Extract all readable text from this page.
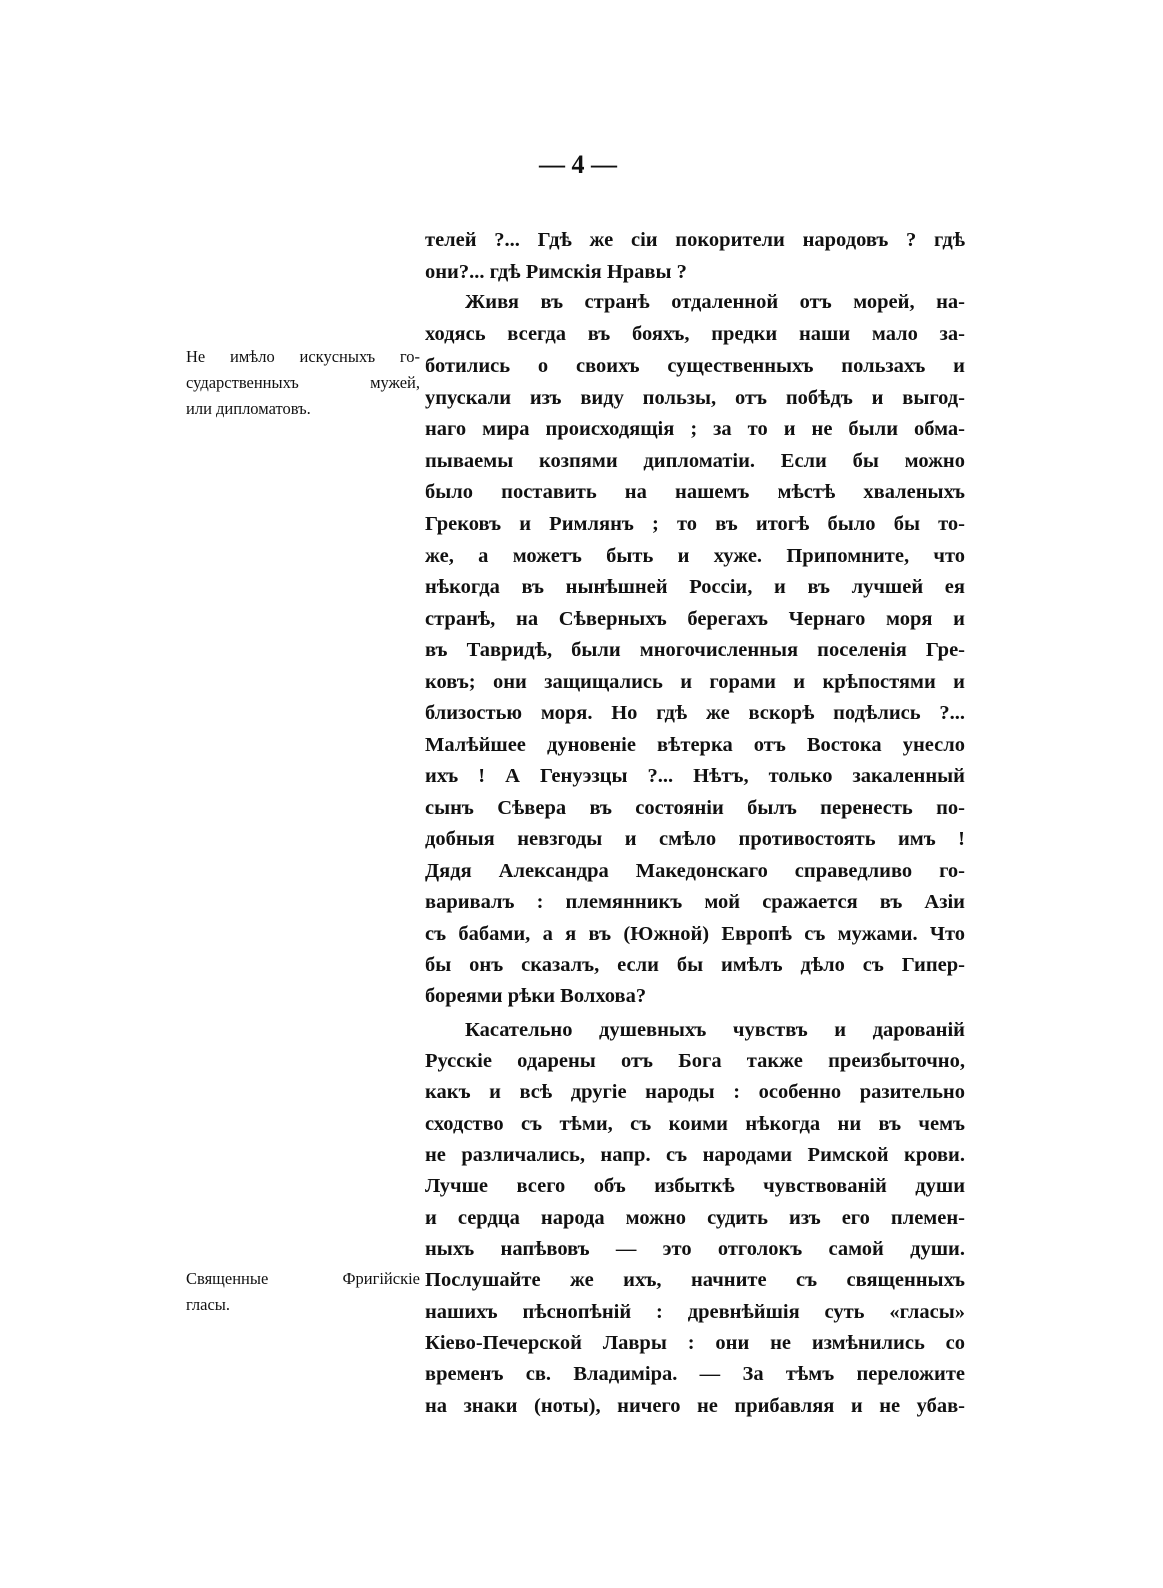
— 4 —
Не имѣло искусныхъ го-
сударственныхъ мужей,
или дипломатовъ.
Священные Фригійскіе
гласы.
телей ?... Гдѣ же сіи покорители народовъ ? гдѣ
они?... гдѣ Римскія Нравы ?
Живя въ странѣ отдаленной отъ морей, на-
ходясь всегда въ бояхъ, предки наши мало за-
ботились о своихъ существенныхъ пользахъ и
упускали изъ виду пользы, отъ побѣдъ и выгод-
наго мира происходящія ; за то и не были обма-
пываемы козпями дипломатіи. Если бы можно
было поставить на нашемъ мѣстѣ хваленыхъ
Грековъ и Римлянъ ; то въ итогѣ было бы то-
же, а можетъ быть и хуже. Припомните, что
нѣкогда въ нынѣшней Россіи, и въ лучшей ея
странѣ, на Сѣверныхъ берегахъ Чернаго моря и
въ Тавридѣ, были многочисленныя поселенія Гре-
ковъ; они защищались и горами и крѣпостями и
близостью моря. Но гдѣ же вскорѣ подѣлись ?...
Малѣйшее дуновеніе вѣтерка отъ Востока унесло
ихъ ! А Генуэзцы ?... Нѣтъ, только закаленный
сынъ Сѣвера въ состояніи былъ перенесть по-
добныя невзгоды и смѣло противостоять имъ !
Дядя Александра Македонскаго справедливо го-
варивалъ : племянникъ мой сражается въ Азіи
съ бабами, а я въ (Южной) Европѣ съ мужами. Что
бы онъ сказалъ, если бы имѣлъ дѣло съ Гипер-
бореями рѣки Волхова?
Касательно душевныхъ чувствъ и дарованій
Русскіе одарены отъ Бога также преизбыточно,
какъ и всѣ другіе народы : особенно разительно
сходство съ тѣми, съ коими нѣкогда ни въ чемъ
не различались, напр. съ народами Римской крови.
Лучше всего объ избыткѣ чувствованій души
и сердца народа можно судить изъ его племен-
ныхъ напѣвовъ — это отголокъ самой души.
Послушайте же ихъ, начните съ священныхъ
нашихъ пѣснопѣній : древнѣйшія суть «гласы»
Кіево-Печерской Лавры : они не измѣнились со
временъ св. Владиміра. — За тѣмъ переложите
на знаки (ноты), ничего не прибавляя и не убав-
